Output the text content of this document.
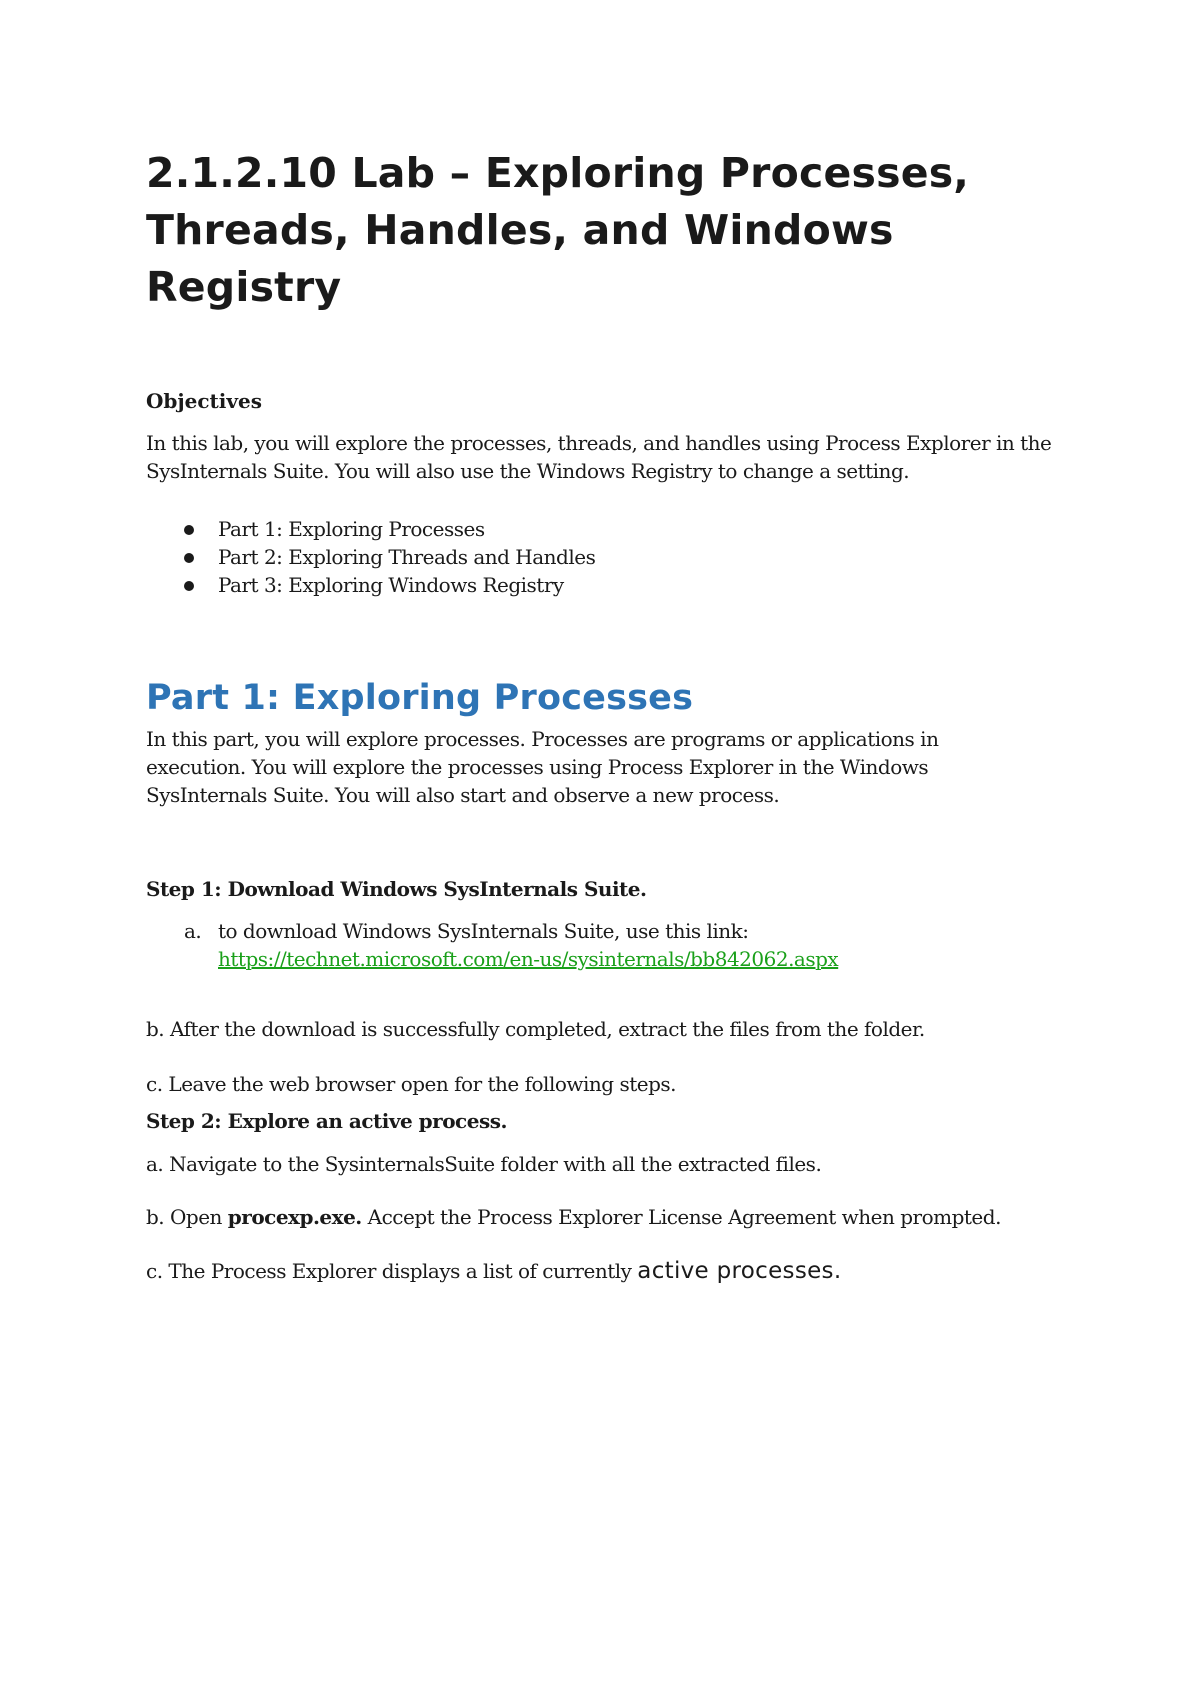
2.1.2.10 Lab – Exploring Processes, Threads, Handles, and Windows Registry

Objectives

In this lab, you will explore the processes, threads, and handles using Process Explorer in the SysInternals Suite. You will also use the Windows Registry to change a setting.

Part 1: Exploring Processes
Part 2: Exploring Threads and Handles
Part 3: Exploring Windows Registry
Part 1: Exploring Processes

In this part, you will explore processes. Processes are programs or applications in execution. You will explore the processes using Process Explorer in the Windows SysInternals Suite. You will also start and observe a new process.

Step 1: Download Windows SysInternals Suite.

a. to download Windows SysInternals Suite, use this link:
https://technet.microsoft.com/en-us/sysinternals/bb842062.aspx

b. After the download is successfully completed, extract the files from the folder.

c. Leave the web browser open for the following steps.

Step 2: Explore an active process.

a. Navigate to the SysinternalsSuite folder with all the extracted files.

b. Open procexp.exe. Accept the Process Explorer License Agreement when prompted.

c. The Process Explorer displays a list of currently active processes.
